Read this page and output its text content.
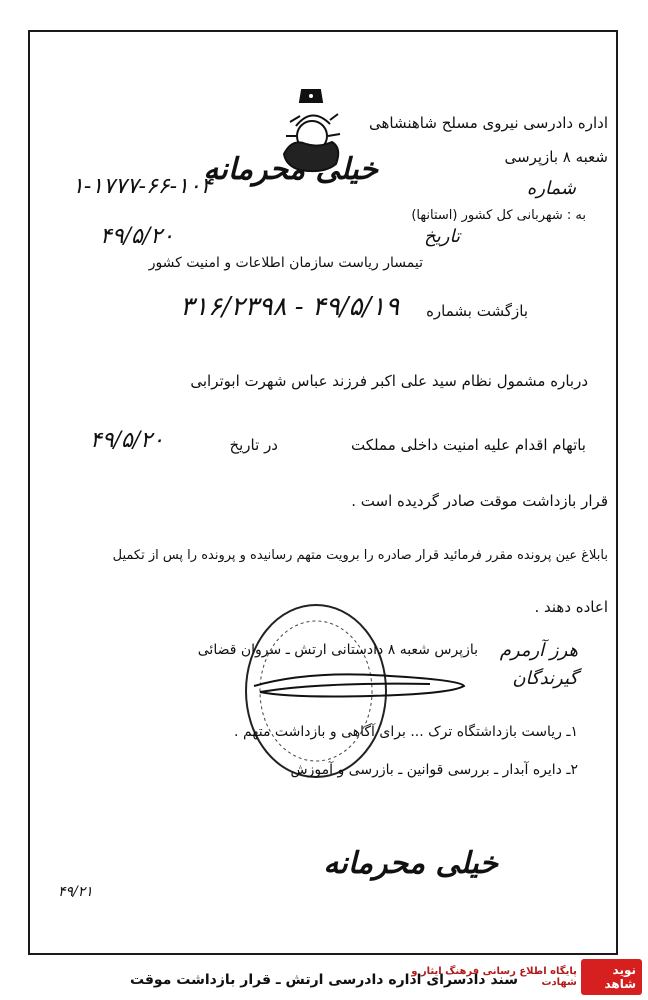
اداره دادرسی نیروی مسلح شاهنشاهی
شعبه ۸ بازپرسی
خیلی محرمانه
شماره
۱-۱۷۷۷-۶۶-۱۰۴
به : شهربانی کل کشور (استانها)
تاریخ
۴۹/۵/۲۰
تیمسار ریاست سازمان اطلاعات و امنیت کشور
بازگشت بشماره
۳۱۶/۲۳۹۸ - ۴۹/۵/۱۹
درباره مشمول نظام سید علی اکبر فرزند عباس شهرت ابوترابی
باتهام اقدام علیه امنیت داخلی مملکت
در تاریخ
۴۹/۵/۲۰
قرار بازداشت موقت صادر گردیده است .
بابلاغ عین پرونده مقرر فرمائید قرار صادره را برویت متهم رسانیده و پرونده را پس از تکمیل
اعاده دهند .
بازپرس شعبه ۸ دادستانی ارتش ـ سروان قضائی هرز آرمرم
گیرندگان
۱ـ ریاست بازداشتگاه ترک ... برای آگاهی و بازداشت متهم .
۲ـ دایره آبدار ـ بررسی قوانین ـ بازرسی و آموزش
خیلی محرمانه
۴۹/۲۱
سند دادسرای اداره دادرسی ارتش ـ قرار بازداشت موقت
نوید شاهد
پایگاه اطلاع رسانی فرهنگ ایثار و شهادت
